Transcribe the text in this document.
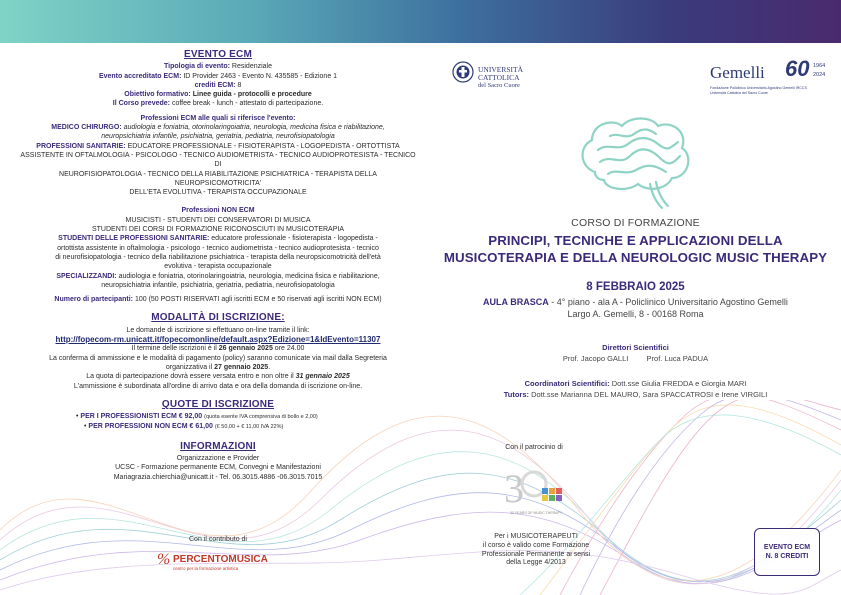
EVENTO ECM
Tipologia di evento: Residenziale
Evento accreditato ECM: ID Provider 2463 - Evento N. 435585 - Edizione 1
crediti ECM: 8
Obiettivo formativo: Linee guida - protocolli e procedure
Il Corso prevede: coffee break - lunch - attestato di partecipazione.
Professioni ECM alle quali si riferisce l'evento:
MEDICO CHIRURGO: audiologia e foniatria, otorinolaringoiatria, neurologia, medicina fisica e riabilitazione,
neuropsichiatria infantile, psichiatria, geriatria, pediatria, neurofisiopatologia
PROFESSIONI SANITARIE: EDUCATORE PROFESSIONALE - FISIOTERAPISTA - LOGOPEDISTA - ORTOTTISTA
ASSISTENTE IN OFTALMOLOGIA - PSICOLOGO - TECNICO AUDIOMETRISTA - TECNICO AUDIOPROTESISTA - TECNICO DI
NEUROFISIOPATOLOGIA - TECNICO DELLA RIABILITAZIONE PSICHIATRICA - TERAPISTA DELLA NEUROPSICOMOTRICITA'
DELL'ETA EVOLUTIVA - TERAPISTA OCCUPAZIONALE
Professioni NON ECM
MUSICISTI - STUDENTI DEI CONSERVATORI DI MUSICA
STUDENTI DEI CORSI DI FORMAZIONE RICONOSCIUTI IN MUSICOTERAPIA
STUDENTI DELLE PROFESSIONI SANITARIE: educatore professionale - fisioterapista - logopedista -
ortottista assistente in oftalmologia - psicologo - tecnico audiometrista - tecnico audioprotesista - tecnico
di neurofisiopatologia - tecnico della riabilitazione psichiatrica - terapista della neuropsicomotricità dell'età
evolutiva - terapista occupazionale
SPECIALIZZANDI: audiologia e foniatria, otorinolaringoiatria, neurologia, medicina fisica e riabilitazione,
neuropsichiatria infantile, psichiatria, geriatria, pediatria, neurofisiopatologia
Numero di partecipanti: 100 (50 POSTI RISERVATI agli iscritti ECM e 50 riservati agli iscritti NON ECM)
MODALITÀ DI ISCRIZIONE:
Le domande di iscrizione si effettuano on-line tramite il link:
http://fopecom-rm.unicatt.it/fopecomonline/default.aspx?Edizione=1&IdEvento=11307
Il termine delle iscrizioni è il 26 gennaio 2025 ore 24.00
La conferma di ammissione e le modalità di pagamento (policy) saranno comunicate via mail dalla Segreteria
organizzativa il 27 gennaio 2025.
La quota di partecipazione dovrà essere versata entro e non oltre il 31 gennaio 2025
L'ammissione è subordinata all'ordine di arrivo data e ora della domanda di iscrizione on-line.
QUOTE DI ISCRIZIONE
• PER I PROFESSIONISTI ECM € 92,00 (quota esente IVA comprensiva di bollo e 2,00)
• PER PROFESSIONI NON ECM € 61,00 (€ 50,00 + € 11,00 IVA 22%)
INFORMAZIONI
Organizzazione e Provider
UCSC - Formazione permanente ECM, Convegni e Manifestazioni
Mariagrazia.chierchia@unicatt.it - Tel. 06.3015.4886 -06.3015.7015
Con il contributo di
% PERCENTOMUSICA
centro per la formazione artistica
UNIVERSITÀ
CATTOLICA
del Sacro Cuore
Gemelli 60 1964
2024
Fondazione Policlinico Universitario Agostino Gemelli IRCCS
Università Cattolica del Sacro Cuore
CORSO DI FORMAZIONE
PRINCIPI, TECNICHE E APPLICAZIONI DELLA
MUSICOTERAPIA E DELLA NEUROLOGIC MUSIC THERAPY
8 FEBBRAIO 2025
AULA BRASCA - 4° piano - ala A - Policlinico Universitario Agostino Gemelli
Largo A. Gemelli, 8 - 00168 Roma
Direttori Scientifici
Prof. Jacopo GALLI Prof. Luca PADUA
Coordinatori Scientifici: Dott.sse Giulia FREDDA e Giorgia MARI
Tutors: Dott.sse Marianna DEL MAURO, Sara SPACCATROSI e Irene VIRGILI
Con il patrocinio di
3
30 YEARS OF MUSIC THERAPY
Per i MUSICOTERAPEUTI
il corso è valido come Formazione
Professionale Permanente ai sensi
della Legge 4/2013
EVENTO ECM
N. 8 CREDITI
